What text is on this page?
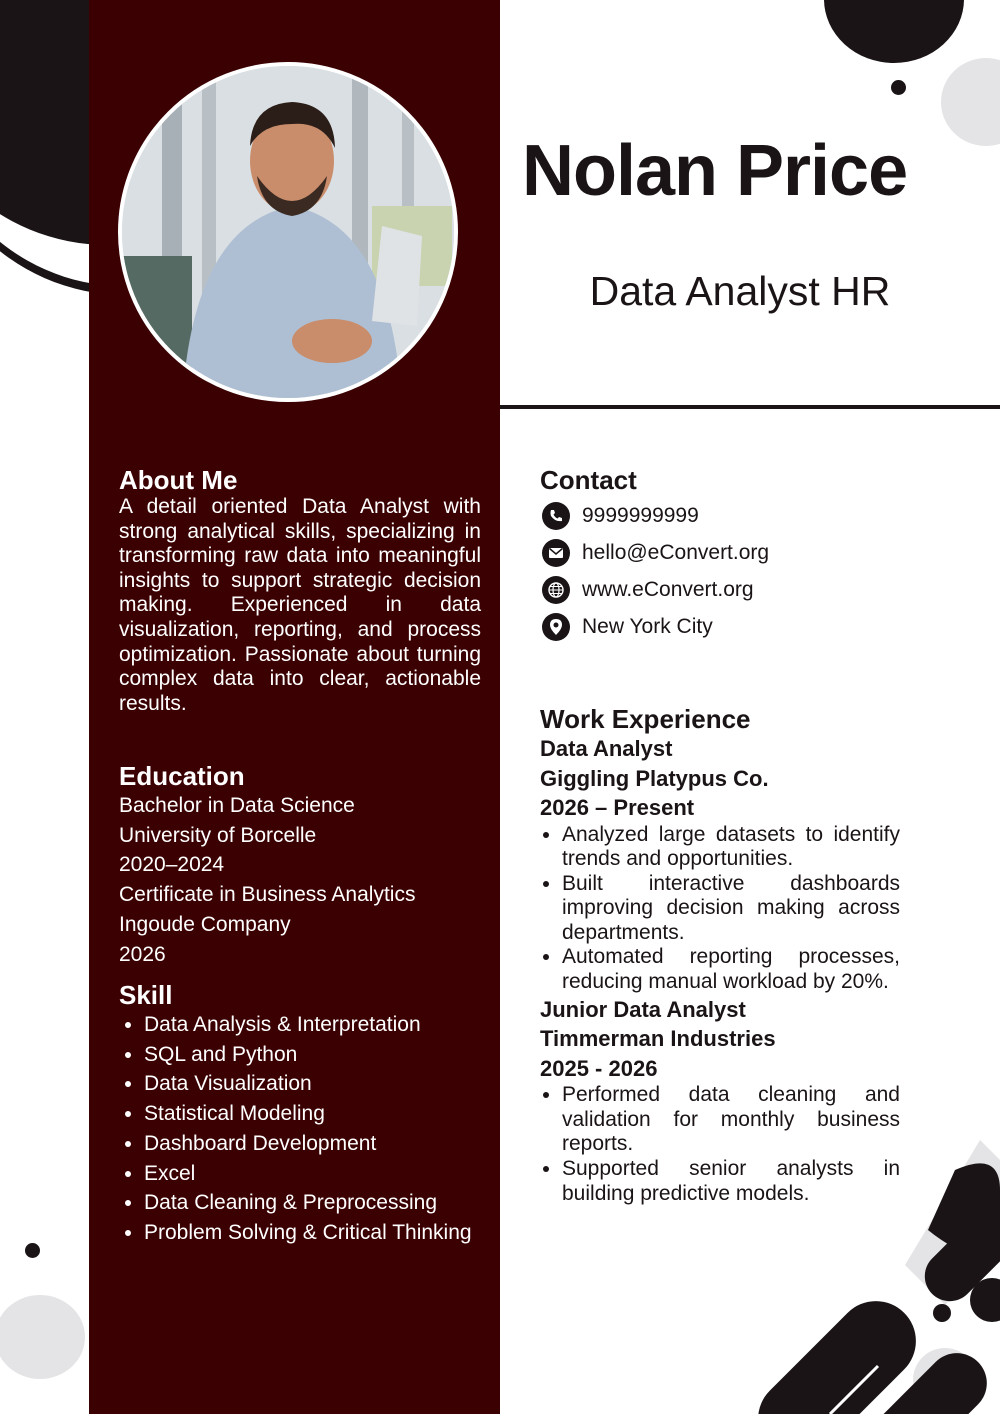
Nolan Price
Data Analyst HR
About Me

A detail oriented Data Analyst with strong analytical skills, specializing in transforming raw data into meaningful insights to support strategic decision making. Experienced in data visualization, reporting, and process optimization. Passionate about turning complex data into clear, actionable results.

Education
Bachelor in Data Science
University of Borcelle
2020–2024
Certificate in Business Analytics
Ingoude Company
2026
Skill
• Data Analysis & Interpretation
• SQL and Python
• Data Visualization
• Statistical Modeling
• Dashboard Development
• Excel
• Data Cleaning & Preprocessing
• Problem Solving & Critical Thinking
Contact
9999999999
hello@eConvert.org
www.eConvert.org
New York City
Work Experience
Data Analyst
Giggling Platypus Co.
2026 – Present
• Analyzed large datasets to identify trends and opportunities.
• Built interactive dashboards improving decision making across departments.
• Automated reporting processes, reducing manual workload by 20%.
Junior Data Analyst
Timmerman Industries
2025 - 2026
• Performed data cleaning and validation for monthly business reports.
• Supported senior analysts in building predictive models.
